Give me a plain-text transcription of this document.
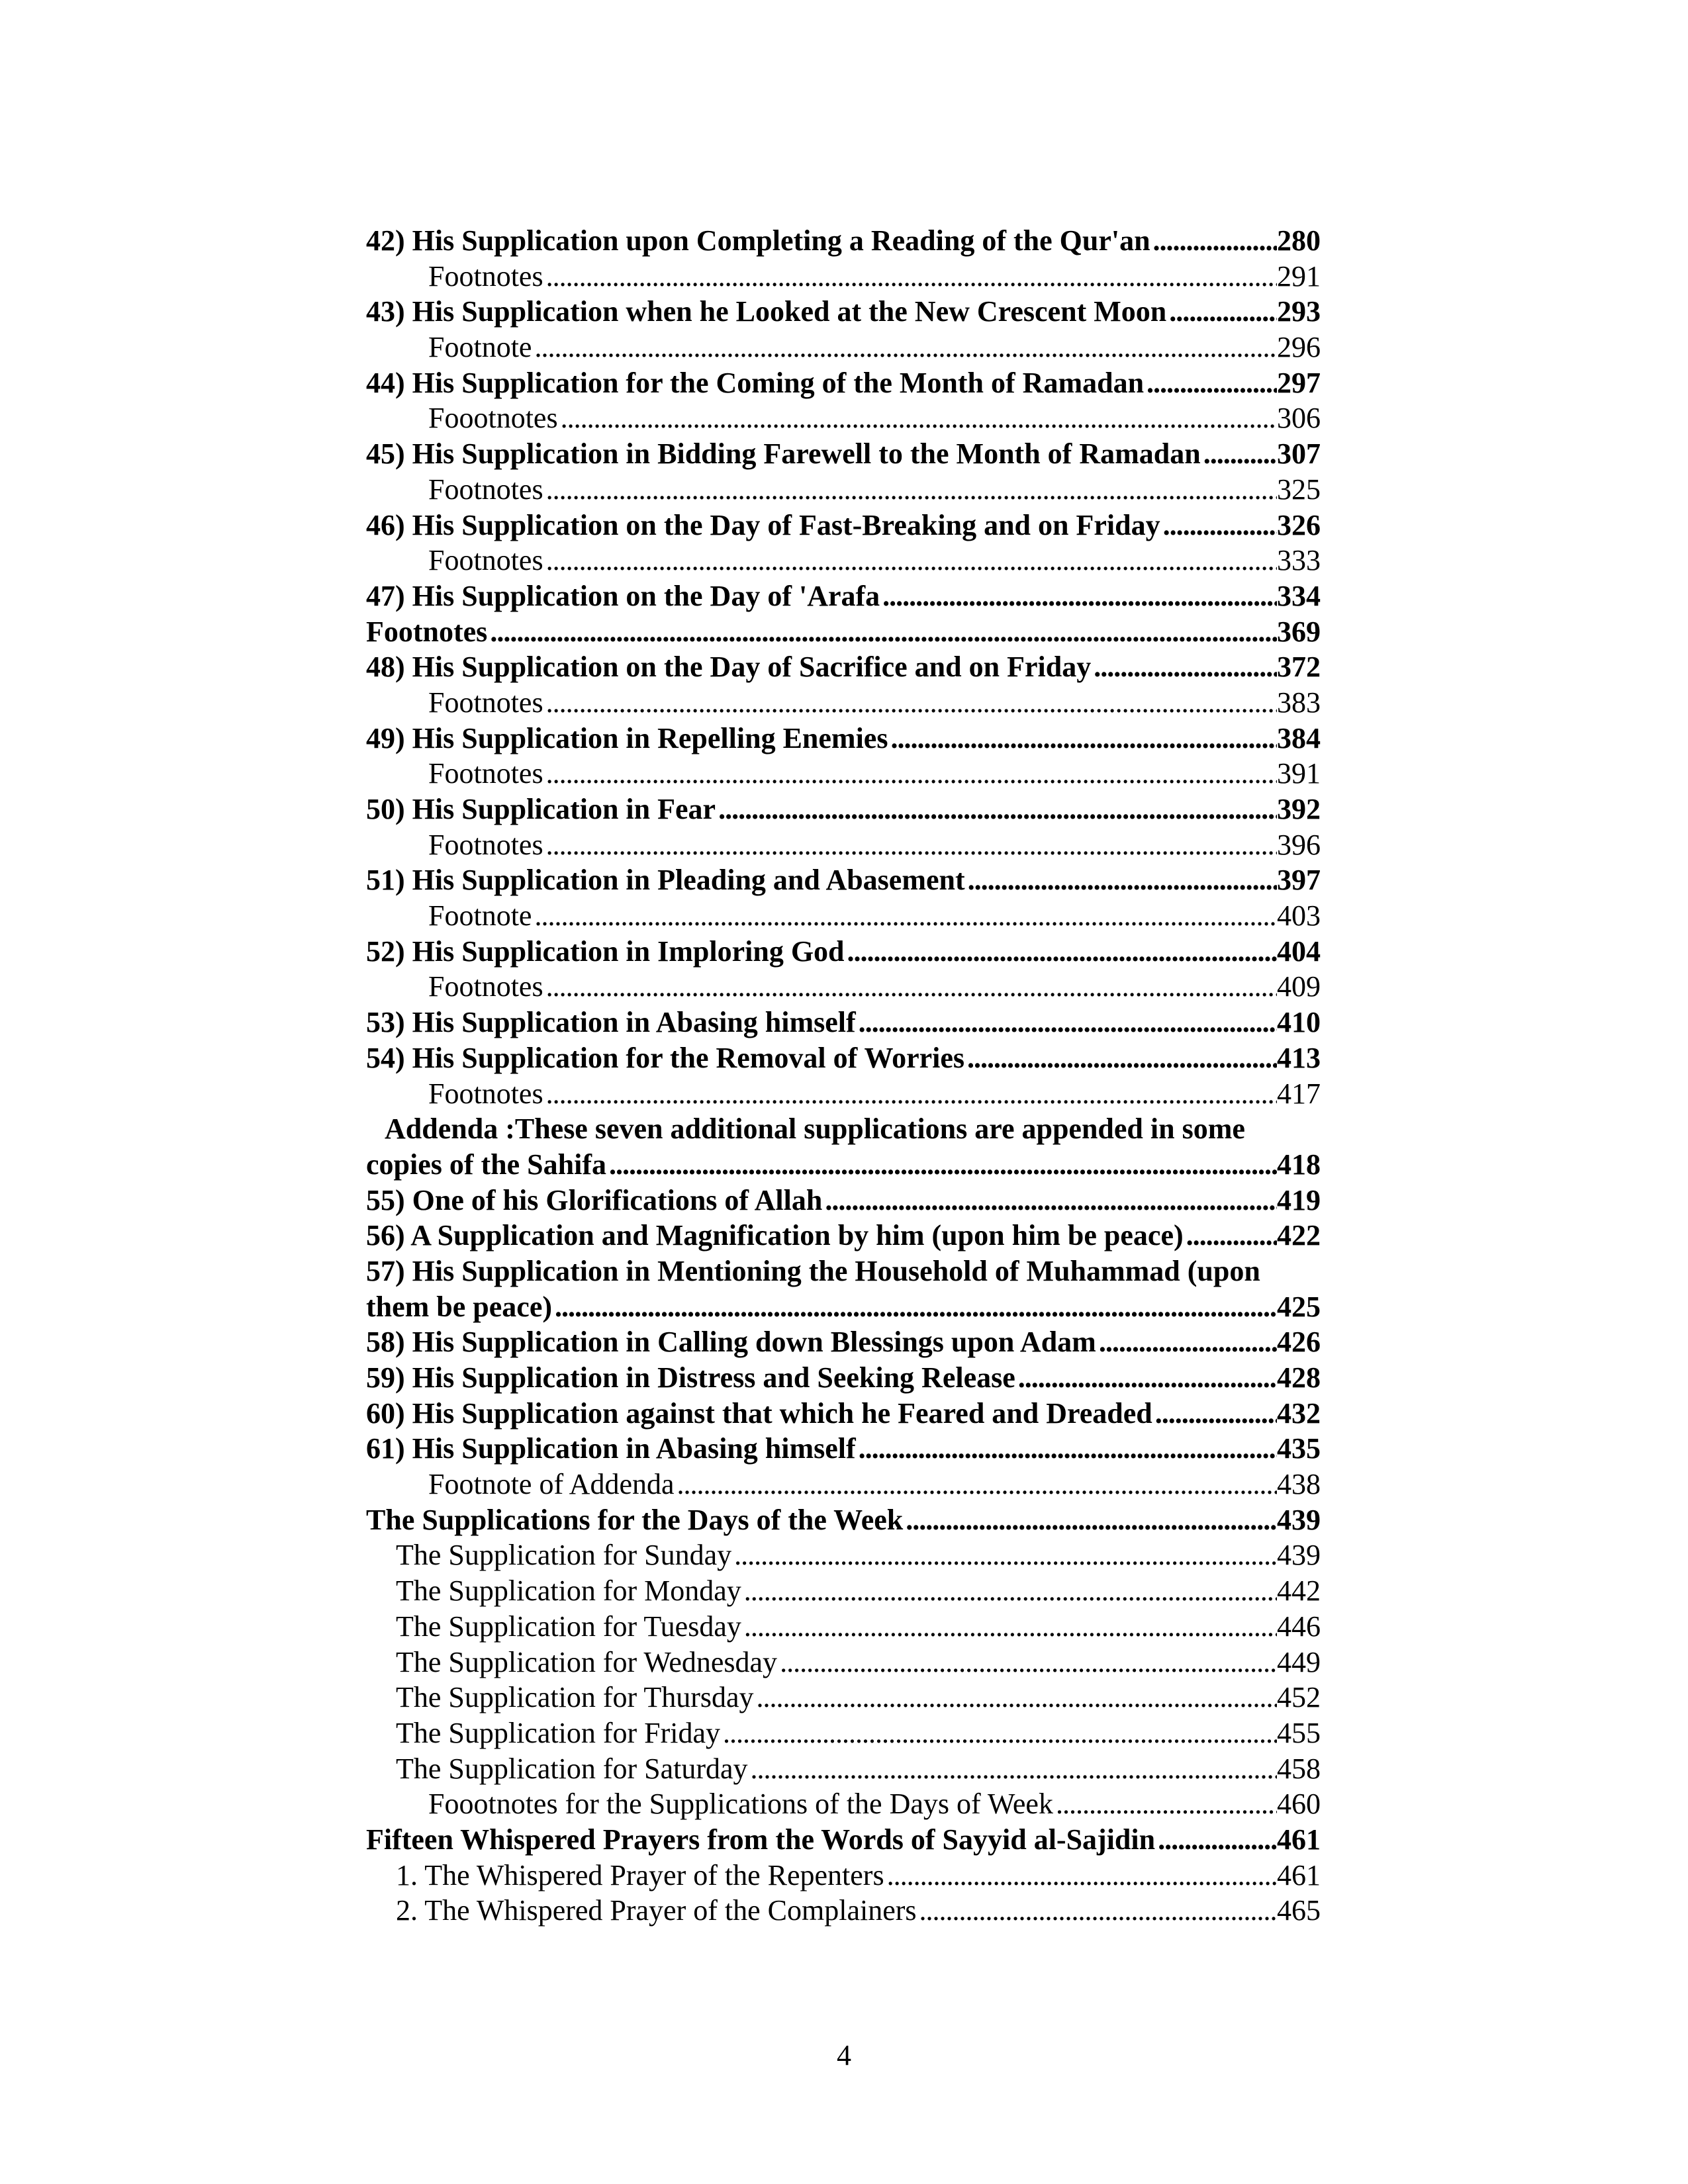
42) His Supplication upon Completing a Reading of the Qur'an . . .	280
Footnotes . . .	291
43) His Supplication when he Looked at the New Crescent Moon . . .	293
Footnote . . .	296
44) His Supplication for the Coming of the Month of Ramadan . . .	297
Foootnotes . . .	306
45) His Supplication in Bidding Farewell to the Month of Ramadan . . .	307
Footnotes . . .	325
46) His Supplication on the Day of Fast-Breaking and on Friday . . .	326
Footnotes . . .	333
47) His Supplication on the Day of 'Arafa . . .	334
Footnotes . . .	369
48) His Supplication on the Day of Sacrifice and on Friday . . .	372
Footnotes . . .	383
49) His Supplication in Repelling Enemies . . .	384
Footnotes . . .	391
50) His Supplication in Fear . . .	392
Footnotes . . .	396
51) His Supplication in Pleading and Abasement . . .	397
Footnote . . .	403
52) His Supplication in Imploring God . . .	404
Footnotes . . .	409
53) His Supplication in Abasing himself . . .	410
54) His Supplication for the Removal of Worries . . .	413
Footnotes . . .	417
Addenda :These seven additional supplications are appended in some
copies of the Sahifa . . .	418
55) One of his Glorifications of Allah . . .	419
56) A Supplication and Magnification by him (upon him be peace) . . .	422
57) His Supplication in Mentioning the Household of Muhammad (upon
them be peace) . . .	425
58) His Supplication in Calling down Blessings upon Adam . . .	426
59) His Supplication in Distress and Seeking Release . . .	428
60) His Supplication against that which he Feared and Dreaded . . .	432
61) His Supplication in Abasing himself . . .	435
Footnote of Addenda . . .	438
The Supplications for the Days of the Week . . .	439
The Supplication for Sunday . . .	439
The Supplication for Monday . . .	442
The Supplication for Tuesday . . .	446
The Supplication for Wednesday . . .	449
The Supplication for Thursday . . .	452
The Supplication for Friday . . .	455
The Supplication for Saturday . . .	458
Foootnotes for the Supplications of the Days of Week . . .	460
Fifteen Whispered Prayers from the Words of Sayyid al-Sajidin . . .	461
1. The Whispered Prayer of the Repenters . . .	461
2. The Whispered Prayer of the Complainers . . .	465
4
